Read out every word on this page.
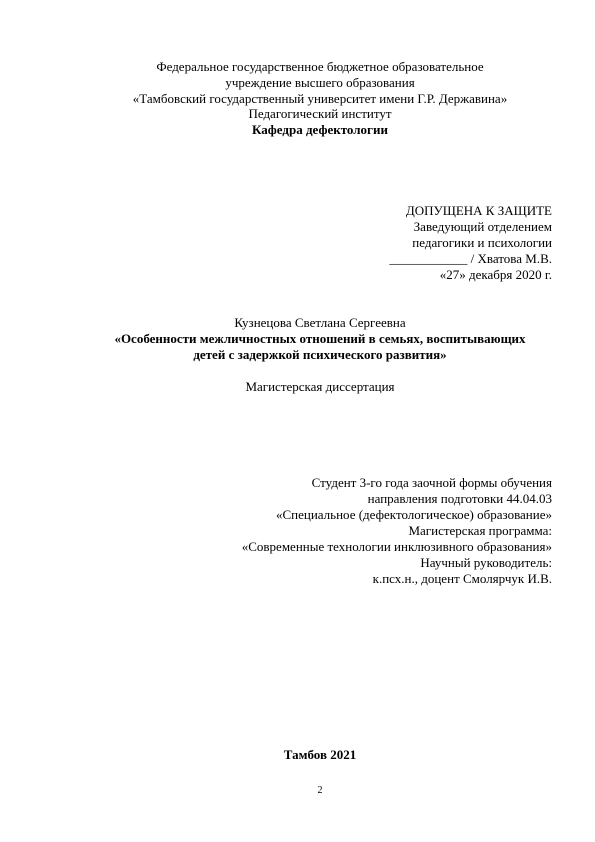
Федеральное государственное бюджетное образовательное
учреждение высшего образования
«Тамбовский государственный университет имени Г.Р. Державина»
Педагогический институт
Кафедра дефектологии
ДОПУЩЕНА К ЗАЩИТЕ
Заведующий отделением
педагогики и психологии
____________ / Хватова М.В.
«27» декабря 2020 г.
Кузнецова Светлана Сергеевна
«Особенности межличностных отношений в семьях, воспитывающих
детей с задержкой психического развития»
Магистерская диссертация
Студент 3-го года заочной формы обучения
направления подготовки 44.04.03
«Специальное (дефектологическое) образование»
Магистерская программа:
«Современные технологии инклюзивного образования»
Научный руководитель:
к.псх.н., доцент Смолярчук И.В.
Тамбов 2021
2
